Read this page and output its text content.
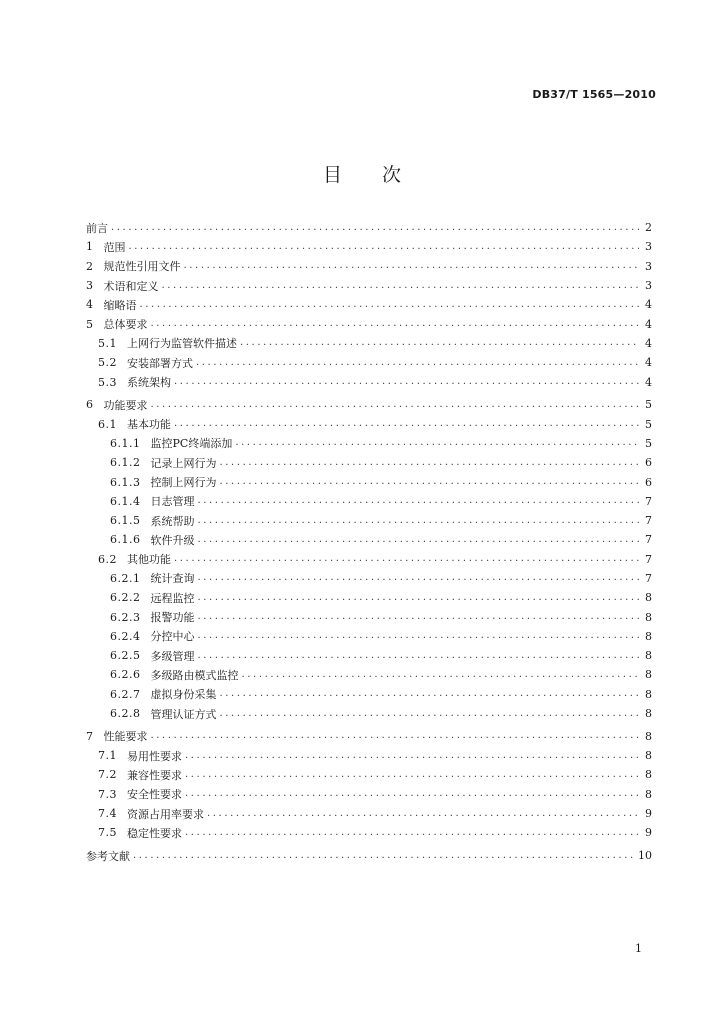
DB37/T 1565—2010
目 次
前言 .....	2
1 范围 .....	3
2 规范性引用文件 .....	3
3 术语和定义 .....	3
4 缩略语 .....	4
5 总体要求 .....	4
5.1 上网行为监管软件描述 .....	4
5.2 安装部署方式 .....	4
5.3 系统架构 .....	4
6 功能要求 .....	5
6.1 基本功能 .....	5
6.1.1 监控PC终端添加 .....	5
6.1.2 记录上网行为 .....	6
6.1.3 控制上网行为 .....	6
6.1.4 日志管理 .....	7
6.1.5 系统帮助 .....	7
6.1.6 软件升级 .....	7
6.2 其他功能 .....	7
6.2.1 统计查询 .....	7
6.2.2 远程监控 .....	8
6.2.3 报警功能 .....	8
6.2.4 分控中心 .....	8
6.2.5 多级管理 .....	8
6.2.6 多级路由模式监控 .....	8
6.2.7 虚拟身份采集 .....	8
6.2.8 管理认证方式 .....	8
7 性能要求 .....	8
7.1 易用性要求 .....	8
7.2 兼容性要求 .....	8
7.3 安全性要求 .....	8
7.4 资源占用率要求 .....	9
7.5 稳定性要求 .....	9
参考文献 .....	10
1
